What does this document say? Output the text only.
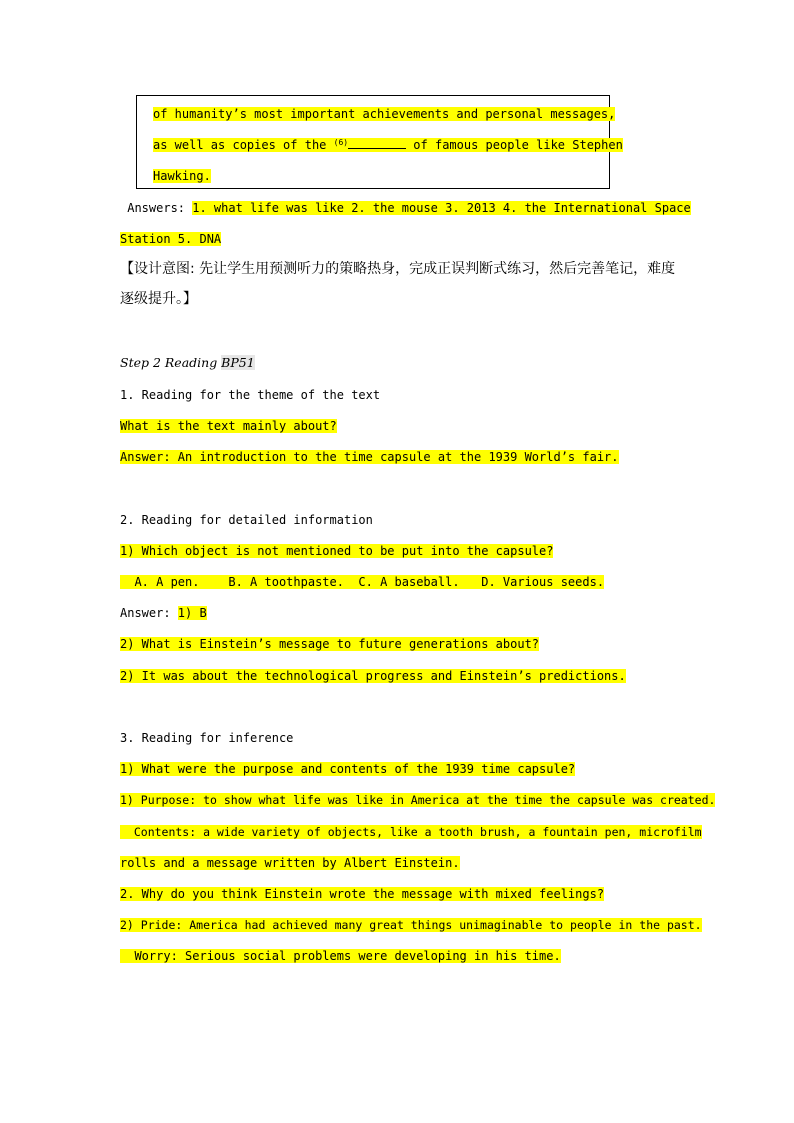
of humanity’s most important achievements and personal messages,
as well as copies of the $^{(6)}$	of famous people like Stephen
Hawking.
Answers: 1. what life was like 2. the mouse 3. 2013 4. the International Space
Station 5. DNA
【设计意图: 先让学生用预测听力的策略热身，完成正误判断式练习，然后完善笔记，难度
逐级提升。】
Step 2 Reading BP51
1. Reading for the theme of the text
What is the text mainly about?
Answer: An introduction to the time capsule at the 1939 World’s fair.
2. Reading for detailed information
1) Which object is not mentioned to be put into the capsule?
A. A pen.    B. A toothpaste.  C. A baseball.   D. Various seeds.
Answer: 1) B
2) What is Einstein’s message to future generations about?
2) It was about the technological progress and Einstein’s predictions.
3. Reading for inference
1) What were the purpose and contents of the 1939 time capsule?
1) Purpose: to show what life was like in America at the time the capsule was created.
Contents: a wide variety of objects, like a tooth brush, a fountain pen, microfilm
rolls and a message written by Albert Einstein.
2. Why do you think Einstein wrote the message with mixed feelings?
2) Pride: America had achieved many great things unimaginable to people in the past.
Worry: Serious social problems were developing in his time.
